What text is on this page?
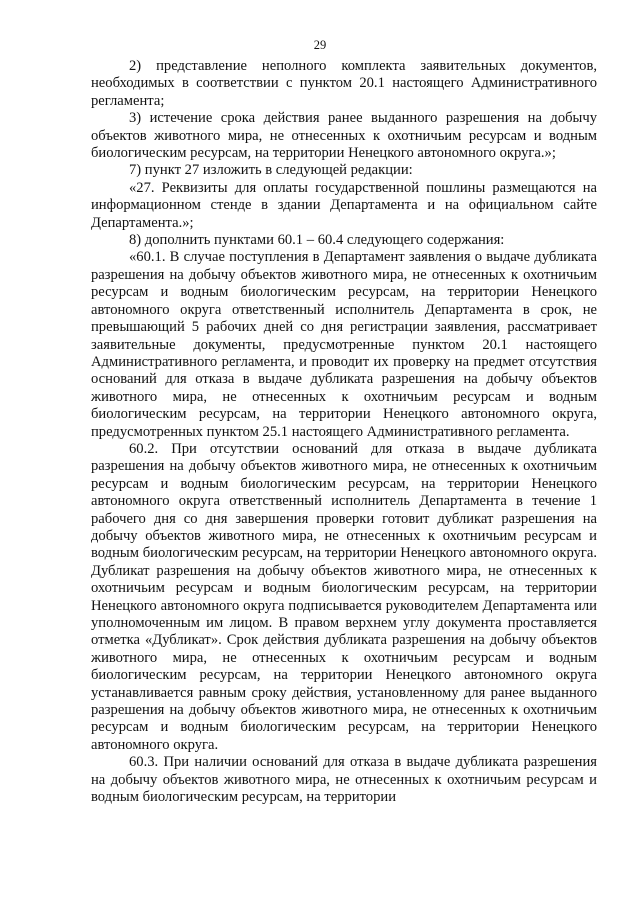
29

2) представление неполного комплекта заявительных документов, необходимых в соответствии с пунктом 20.1 настоящего Административного регламента;

3) истечение срока действия ранее выданного разрешения на добычу объектов животного мира, не отнесенных к охотничьим ресурсам и водным биологическим ресурсам, на территории Ненецкого автономного округа.»;

7) пункт 27 изложить в следующей редакции:

«27. Реквизиты для оплаты государственной пошлины размещаются на информационном стенде в здании Департамента и на официальном сайте Департамента.»;

8) дополнить пунктами 60.1 – 60.4 следующего содержания:

«60.1. В случае поступления в Департамент заявления о выдаче дубликата разрешения на добычу объектов животного мира, не отнесенных к охотничьим ресурсам и водным биологическим ресурсам, на территории Ненецкого автономного округа ответственный исполнитель Департамента в срок, не превышающий 5 рабочих дней со дня регистрации заявления, рассматривает заявительные документы, предусмотренные пунктом 20.1 настоящего Административного регламента, и проводит их проверку на предмет отсутствия оснований для отказа в выдаче дубликата разрешения на добычу объектов животного мира, не отнесенных к охотничьим ресурсам и водным биологическим ресурсам, на территории Ненецкого автономного округа, предусмотренных пунктом 25.1 настоящего Административного регламента.

60.2. При отсутствии оснований для отказа в выдаче дубликата разрешения на добычу объектов животного мира, не отнесенных к охотничьим ресурсам и водным биологическим ресурсам, на территории Ненецкого автономного округа ответственный исполнитель Департамента в течение 1 рабочего дня со дня завершения проверки готовит дубликат разрешения на добычу объектов животного мира, не отнесенных к охотничьим ресурсам и водным биологическим ресурсам, на территории Ненецкого автономного округа. Дубликат разрешения на добычу объектов животного мира, не отнесенных к охотничьим ресурсам и водным биологическим ресурсам, на территории Ненецкого автономного округа подписывается руководителем Департамента или уполномоченным им лицом. В правом верхнем углу документа проставляется отметка «Дубликат». Срок действия дубликата разрешения на добычу объектов животного мира, не отнесенных к охотничьим ресурсам и водным биологическим ресурсам, на территории Ненецкого автономного округа устанавливается равным сроку действия, установленному для ранее выданного разрешения на добычу объектов животного мира, не отнесенных к охотничьим ресурсам и водным биологическим ресурсам, на территории Ненецкого автономного округа.

60.3. При наличии оснований для отказа в выдаче дубликата разрешения на добычу объектов животного мира, не отнесенных к охотничьим ресурсам и водным биологическим ресурсам, на территории
